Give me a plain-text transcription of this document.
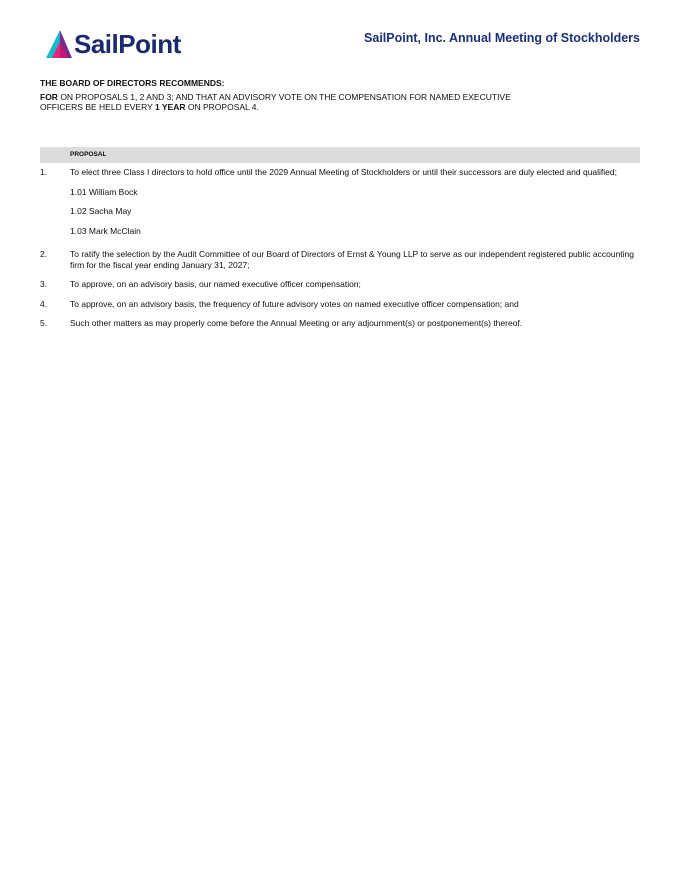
SailPoint	SailPoint, Inc. Annual Meeting of Stockholders
THE BOARD OF DIRECTORS RECOMMENDS:
FOR ON PROPOSALS 1, 2 AND 3; AND THAT AN ADVISORY VOTE ON THE COMPENSATION FOR NAMED EXECUTIVE
OFFICERS BE HELD EVERY 1 YEAR ON PROPOSAL 4.
PROPOSAL
1.	To elect three Class I directors to hold office until the 2029 Annual Meeting of Stockholders or until their successors are duly elected and qualified;
1.01 William Bock
1.02 Sacha May
1.03 Mark McClain
2.	To ratify the selection by the Audit Committee of our Board of Directors of Ernst & Young LLP to serve as our independent registered public accounting firm for the fiscal year ending January 31, 2027;
3.	To approve, on an advisory basis, our named executive officer compensation;
4.	To approve, on an advisory basis, the frequency of future advisory votes on named executive officer compensation; and
5.	Such other matters as may properly come before the Annual Meeting or any adjournment(s) or postponement(s) thereof.
